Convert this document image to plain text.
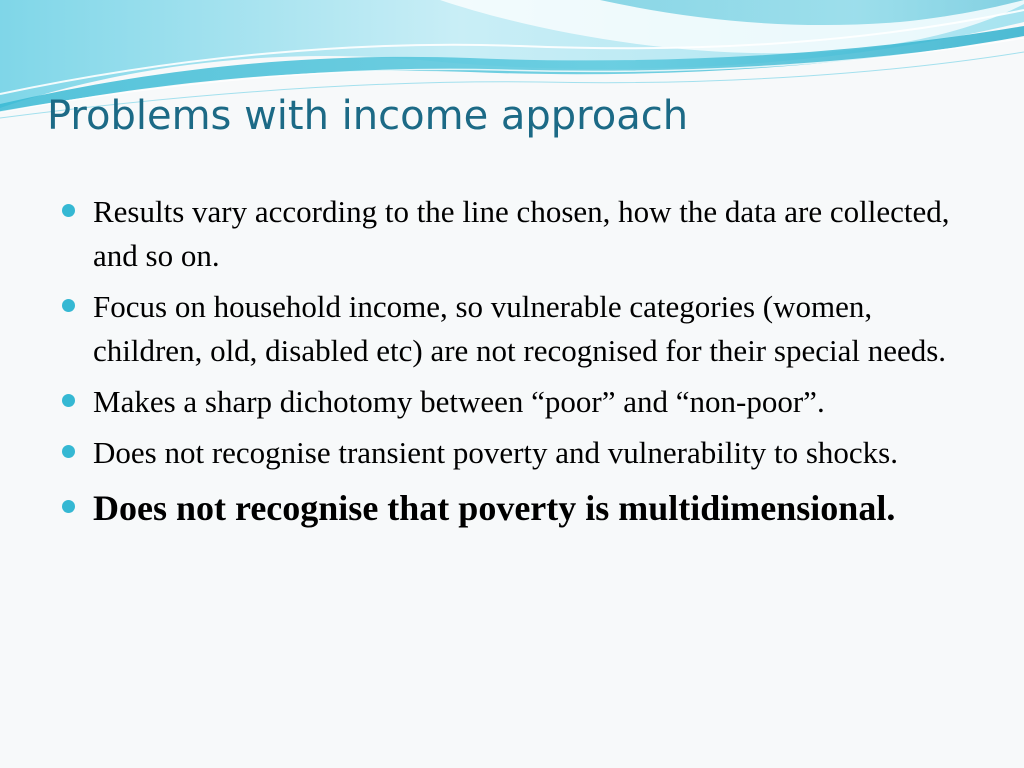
Problems with income approach
Results vary according to the line chosen, how the data are collected, and so on.
Focus on household income, so vulnerable categories (women, children, old, disabled etc) are not recognised for their special needs.
Makes a sharp dichotomy between “poor” and “non-poor”.
Does not recognise transient poverty and vulnerability to shocks.
Does not recognise that poverty is multidimensional.
